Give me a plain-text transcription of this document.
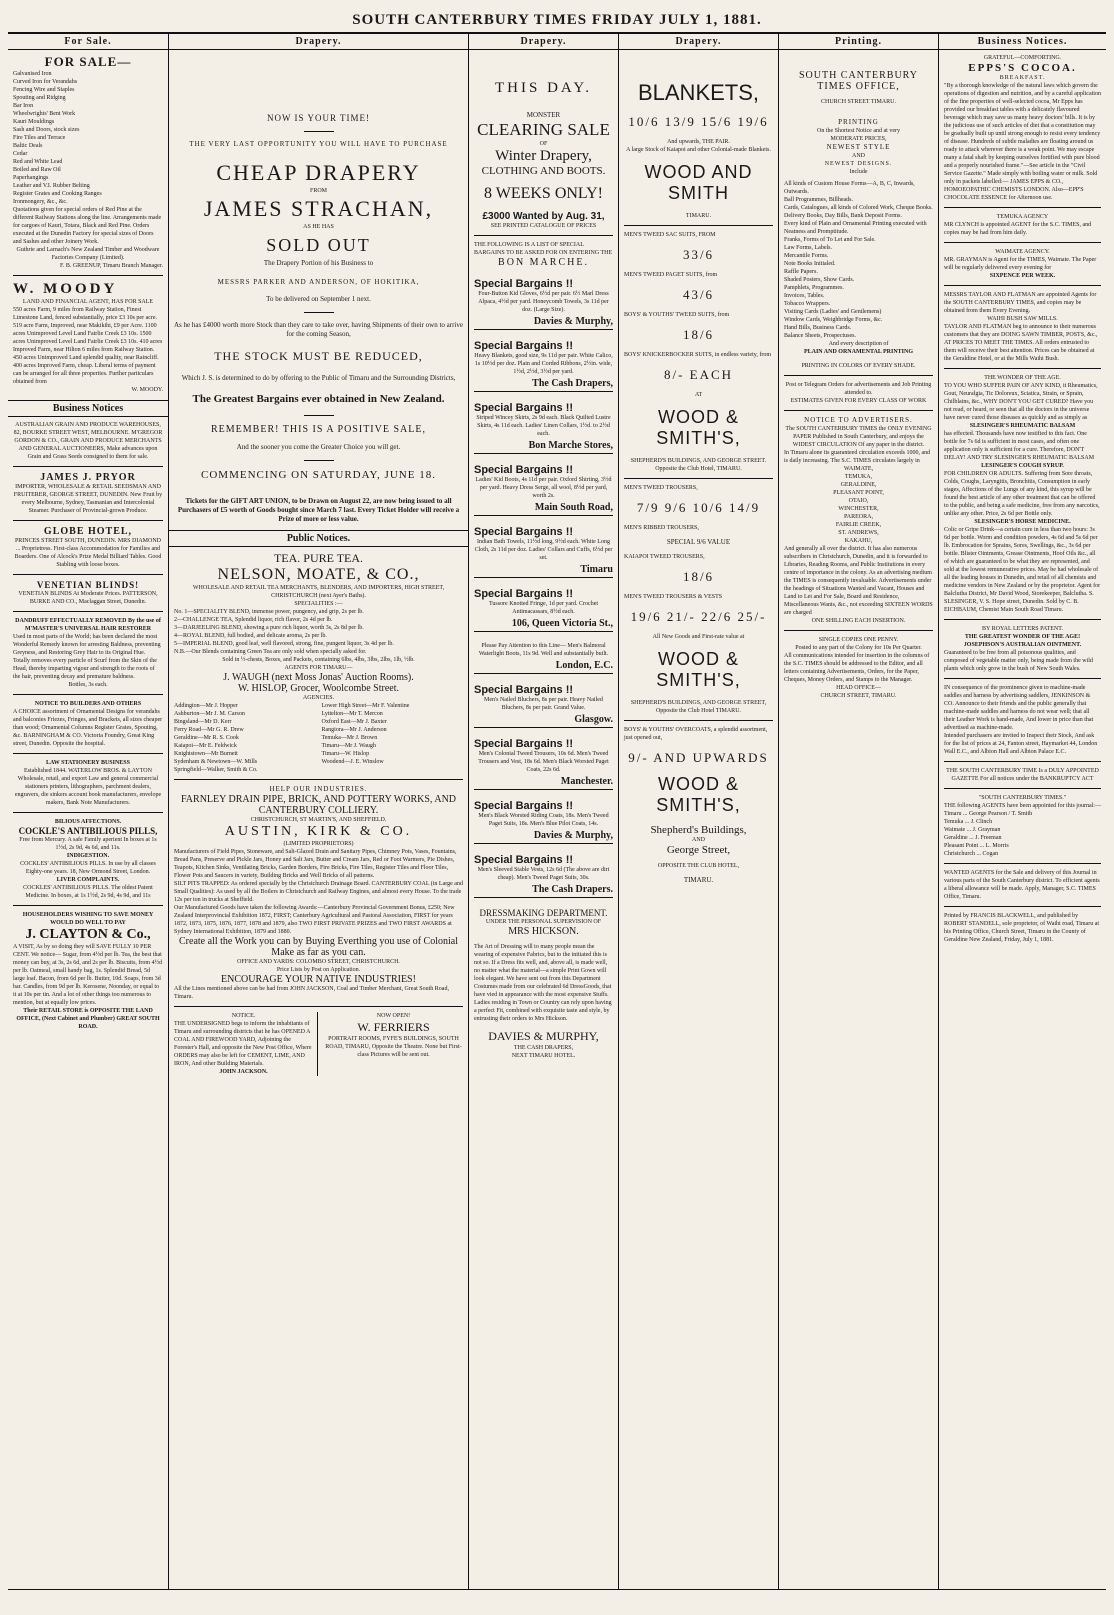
SOUTH CANTERBURY TIMES FRIDAY JULY 1, 1881.
For Sale.
FOR SALE—
Galvanised Iron
Curved Iron for Verandahs
Fencing Wire and Staples
Spouting and Ridging
Bar Iron
Wheelwrights' Bent Work
Kauri Mouldings
Sash and Doors, stock sizes
Fire Tiles and Terrace
Baltic Deals
Cedar
Red and White Lead
Boiled and Raw Oil
Paperhangings
Leather and V.I. Rubber Belting
Register Grates and Cooking Ranges
Ironmongery, &c., &c.
Quotations given for special orders of Red Pine at the different Railway Stations along the line. Arrangements made for cargoes of Kauri, Totara, Black and Red Pine. Orders executed at the Dunedin Factory for special sizes of Doors and Sashes and other Joinery Work.
Guthrie and Larnach's New Zealand Timber and Woodware Factories Company (Limited).
F. B. GREENUP, Timaru Branch Manager.
W. MOODY
LAND AND FINANCIAL AGENT, HAS FOR SALE
550 acres Farm, 9 miles from Railway Station, Finest Limestone Land, fenced substantially, price £3 10s per acre. 519 acre Farm, Improved, near Makikihi, £9 per Acre. 1100 acres Unimproved Level Land Fairlie Creek £3 10s. 1500 acres Unimproved Level Land Fairlie Creek £3 10s. 410 acres Improved Farm, near Hilton 6 miles from Railway Station. 450 acres Unimproved Land splendid quality, near Raincliff. 400 acres Improved Farm, cheap. Liberal terms of payment can be arranged for all three properties. Further particulars obtained from
W. MOODY.
Business Notices
AUSTRALIAN GRAIN AND PRODUCE WAREHOUSES, 82, BOURKE STREET WEST, MELBOURNE. M'GREGOR GORDON & CO., GRAIN AND PRODUCE MERCHANTS AND GENERAL AUCTIONEERS, Make advances upon Grain and Grass Seeds consigned to them for sale.
JAMES J. PRYOR
IMPORTER, WHOLESALE & RETAIL SEEDSMAN AND FRUITERER, GEORGE STREET, DUNEDIN. New Fruit by every Melbourne, Sydney, Tasmanian and Intercolonial Steamer. Purchaser of Provincial-grown Produce.
GLOBE HOTEL,
PRINCES STREET SOUTH, DUNEDIN. MRS DIAMOND ... Proprietress. First-class Accommodation for Families and Boarders. One of Alcock's Prize Medal Billiard Tables. Good Stabling with loose boxes.
VENETIAN BLINDS!
VENETIAN BLINDS At Moderate Prices. PATTERSON, BURKE AND CO., Maclaggan Street, Dunedin.
DANDRUFF EFFECTUALLY REMOVED By the use of M'MASTER'S UNIVERSAL HAIR RESTORER
Used in most parts of the World; has been declared the most Wonderful Remedy known for arresting Baldness, preventing Greyness, and Restoring Grey Hair to its Original Hue. Totally removes every particle of Scurf from the Skin of the Head, thereby imparting vigour and strength to the roots of the hair, preventing decay and premature baldness.
Bottles, 3s each.
NOTICE TO BUILDERS AND OTHERS
A CHOICE assortment of Ornamental Designs for verandahs and balconies Friezes, Fringes, and Brackets, all sizes cheaper than wood; Ornamental Columns Register Grates, Spouting, &c. BARNINGHAM & CO. Victoria Foundry, Great King street, Dunedin. Opposite the hospital.
LAW STATIONERY BUSINESS
Established 1844. WATERLOW BROS. & LAYTON Wholesale, retail, and export Law and general commercial stationers printers, lithographers, parchment dealers, engravers, die sinkers account book manufacturers, envelope makers, Bank Note Manufacturers.
BILIOUS AFFECTIONS.
COCKLE'S ANTIBILIOUS PILLS,
Free from Mercury. A safe Family aperient In boxes at 1s 1½d, 2s 9d, 4s 6d, and 11s.
INDIGESTION.
COCKLES' ANTIBILIOUS PILLS. In use by all classes Eighty-one years. 18, New Ormond Street, London.
LIVER COMPLAINTS.
COCKLES' ANTIBILIOUS PILLS. The oldest Patent Medicine. In boxes, at 1s 1½d, 2s 9d, 4s 9d, and 11s
HOUSEHOLDERS WISHING TO SAVE MONEY WOULD DO WELL TO PAY
J. CLAYTON & Co.,
A VISIT, As by so doing they will SAVE FULLY 10 PER CENT. We notice— Sugar, from 4½d per lb. Tea, the best that money can buy, at 3s, 2s 6d, and 2s per lb. Biscuits, from 4½d per lb. Oatmeal, small handy bag, 1s. Splendid Bread, 5d large loaf. Bacon, from 6d per lb. Butter, 10d. Soaps, from 3d bar. Candles, from 9d per lb. Kerosene, Noonday, or equal to it at 10s per tin. And a lot of other things too numerous to mention, but at equally low prices.
Their RETAIL STORE is OPPOSITE THE LAND OFFICE, (Next Cabinet and Plumber) GREAT SOUTH ROAD.
Drapery.
NOW IS YOUR TIME!
THE VERY LAST OPPORTUNITY YOU WILL HAVE TO PURCHASE
CHEAP DRAPERY
FROM
JAMES STRACHAN,
AS HE HAS
SOLD OUT
The Drapery Portion of his Business to
MESSRS PARKER AND ANDERSON, OF HOKITIKA,
To be delivered on September 1 next.
As he has £4000 worth more Stock than they care to take over, having Shipments of their own to arrive for the coming Season,
THE STOCK MUST BE REDUCED,
Which J. S. is determined to do by offering to the Public of Timaru and the Surrounding Districts,
The Greatest Bargains ever obtained in New Zealand.
REMEMBER! THIS IS A POSITIVE SALE,
And the sooner you come the Greater Choice you will get.
COMMENCING ON SATURDAY, JUNE 18.
Tickets for the GIFT ART UNION, to be Drawn on August 22, are now being issued to all Purchasers of £5 worth of Goods bought since March 7 last. Every Ticket Holder will receive a Prize of more or less value.
Public Notices.
TEA. PURE TEA.
NELSON, MOATE, & CO.,
WHOLESALE AND RETAIL TEA MERCHANTS, BLENDERS, AND IMPORTERS, HIGH STREET, CHRISTCHURCH (next Ayer's Baths).
SPECIALITIES :—
No. 1—SPECIALITY BLEND, immense power, pungency, and grip, 2s per lb.
2—CHALLENGE TEA, Splendid liquor, rich flavor, 2s 4d per lb.
3—DARJEELING BLEND, showing a pure rich liquor, worth 3s, 2s 8d per lb.
4—ROYAL BLEND, full bodied, and delicate aroma, 2s per lb.
5—IMPERIAL BLEND, good leaf, well flavored, strong, fine, pungent liquor, 3s 4d per lb.
N.B.—Our Blends containing Green Tea are only sold when specially asked for.
Sold in ½-chests, Boxes, and Packets, containing 6lbs, 4lbs, 3lbs, 2lbs, 1lb, ½lb.
AGENTS FOR TIMARU—
J. WAUGH (next Moss Jonas' Auction Rooms).
W. HISLOP, Grocer, Woolcombe Street.
AGENCIES.
Addington—Mr J. Hopper	Lower High Street—Mr F. Valentine
Ashburton—Mr J. M. Carson	Lyttelton—Mr T. Mercon
Bingsland—Mr D. Kerr	Oxford East—Mr J. Baxter
Ferry Road—Mr G. R. Drew	Rangiora—Mr J. Anderson
Geraldine—Mr R. S. Cook	Temuka—Mr J. Brown
Kaiapoi—Mr E. Feldwick	Timaru—Mr J. Waugh
Knightstown—Mr Burnett	Timaru—W. Hislop
Sydenham & Newtown—W. Mills	Woodend—J. E. Winslow
Springfield—Walker, Smith & Co.
HELP OUR INDUSTRIES.
FARNLEY DRAIN PIPE, BRICK, AND POTTERY WORKS, AND CANTERBURY COLLIERY.
CHRISTCHURCH, ST MARTIN'S, AND SHEFFIELD.
AUSTIN, KIRK & CO.
(LIMITED PROPRIETORS)
Manufacturers of Field Pipes, Stoneware, and Salt-Glazed Drain and Sanitary Pipes, Chimney Pots, Vases, Fountains, Bread Pans, Preserve and Pickle Jars, Honey and Salt Jars, Butter and Cream Jars, Red or Foot Warmers, Pie Dishes, Teapots, Kitchen Sinks, Ventilating Bricks, Garden Borders, Fire Bricks, Fire Tiles, Register Tiles and Floor Tiles, Flower Pots and Saucers in variety, Building Bricks and Well Bricks of all patterns.
SILT PITS TRAPPED: As ordered specially by the Christchurch Drainage Board. CANTERBURY COAL (in Large and Small Qualities): As used by all the Boilers in Christchurch and Railway Engines, and almost every House. To the trade 12s per ton in trucks at Sheffield.
Our Manufactured Goods have taken the following Awards:—Canterbury Provincial Government Bonus, £250; New Zealand Interprovincial Exhibition 1872, FIRST; Canterbury Agricultural and Pastoral Association, FIRST for years 1872, 1873, 1875, 1876, 1877, 1878 and 1879, also TWO FIRST PRIVATE PRIZES and TWO FIRST AWARDS at Sydney International Exhibition, 1879 and 1880.
Create all the Work you can by Buying Everthing you use of Colonial Make as far as you can.
OFFICE AND YARDS: COLOMBO STREET, CHRISTCHURCH.
Price Lists by Post on Application.
ENCOURAGE YOUR NATIVE INDUSTRIES!
All the Lines mentioned above can be had from JOHN JACKSON, Coal and Timber Merchant, Great South Road, Timaru.
NOTICE.
THE UNDERSIGNED begs to inform the inhabitants of Timaru and surrounding districts that he has OPENED A COAL AND FIREWOOD YARD, Adjoining the Forester's Hall, and opposite the New Post Office, Where ORDERS may also be left for CEMENT, LIME, AND IRON, And other Building Materials.
JOHN JACKSON.
NOW OPEN!
W. FERRIERS
PORTRAIT ROOMS, FYFE'S BUILDINGS, SOUTH ROAD, TIMARU, Opposite the Theatre. None but First-class Pictures will be sent out.
Drapery.
THIS DAY.
MONSTER
CLEARING SALE
OF
Winter Drapery,
CLOTHING AND BOOTS.
8 WEEKS ONLY!
£3000 Wanted by Aug. 31,
SEE PRINTED CATALOGUE OF PRICES
THE FOLLOWING IS A LIST OF SPECIAL BARGAINS TO BE ASKED FOR ON ENTERING THE
BON MARCHE.
Special Bargains !!
Four-Button Kid Gloves, 6½d per pair. 6½ Marl Dress Alpaca, 4½d per yard. Honeycomb Towels, 3s 11d per doz. (Large Size).
Davies & Murphy,
Special Bargains !!
Heavy Blankets, good size, 9s 11d per pair. White Calico, 1s 10½d per doz. Plain and Corded Ribbons, 2½in. wide, 1½d, 2½d, 3½d per yard.
The Cash Drapers,
Special Bargains !!
Striped Wincey Skirts, 2s 9d each. Black Quilted Lustre Skirts, 4s 11d each. Ladies' Linen Collars, 1½d. to 2½d each.
Bon Marche Stores,
Special Bargains !!
Ladies' Kid Boots, 4s 11d per pair. Oxford Shirting, 3½d per yard. Heavy Dress Serge, all wool, 8½d per yard, worth 2s.
Main South Road,
Special Bargains !!
Indian Bath Towels, 11½d long, 9½d each. White Long Cloth, 2s 11d per doz. Ladies' Collars and Cuffs, 6½d per set.
Timaru
Special Bargains !!
Tussore Knotted Fringe, 1d per yard. Crochet Antimacassars, 8½d each.
106, Queen Victoria St.,
Please Pay Attention to this Line— Men's Balmoral Waterlight Boots, 11s 9d. Well and substantially built.
London, E.C.
Special Bargains !!
Men's Nailed Bluchers, 8s per pair. Heavy Nailed Bluchers, 8s per pair. Grand Value.
Glasgow.
Special Bargains !!
Men's Colonial Tweed Trousers, 10s 6d. Men's Tweed Trousers and Vest, 18s 6d. Men's Black Worsted Paget Coats, 22s 6d.
Manchester.
Special Bargains !!
Men's Black Worsted Riding Coats, 18s. Men's Tweed Paget Suits, 18s. Men's Blue Pilot Coats, 14s.
Davies & Murphy,
Special Bargains !!
Men's Sleeved Stable Vests, 12s 6d (The above are dirt cheap). Men's Tweed Paget Suits, 30s.
The Cash Drapers.
DRESSMAKING DEPARTMENT.
UNDER THE PERSONAL SUPERVISION OF
MRS HICKSON.
The Art of Dressing will to many people mean the wearing of expensive Fabrics, but to the initiated this is not so. If a Dress fits well, and, above all, is made well, no matter what the material—a simple Print Gown will look elegant. We have sent out from this Department Costumes made from our celebrated 6d DressGoods, that have vied in appearance with the most expensive Stuffs. Ladies residing in Town or Country can rely upon having a perfect Fit, combined with exquisite taste and style, by entrusting their orders to Mrs Hickson.
DAVIES & MURPHY,
THE CASH DRAPERS,
NEXT TIMARU HOTEL.
Drapery.
BLANKETS,
10/6 13/9 15/6 19/6
And upwards, THE PAIR.
A large Stock of Kaiapoi and other Colonial-made Blankets.
WOOD AND SMITH
TIMARU.
MEN'S TWEED SAC SUITS, FROM
33/6
MEN'S TWEED PAGET SUITS, from
43/6
BOYS' & YOUTHS' TWEED SUITS, from
18/6
BOYS' KNICKERBOCKER SUITS, in endless variety, from
8/- EACH
AT
WOOD & SMITH'S,
SHEPHERD'S BUILDINGS, AND GEORGE STREET.
Opposite the Club Hotel, TIMARU.
MEN'S TWEED TROUSERS,
7/9 9/6 10/6 14/9
MEN'S RIBBED TROUSERS,
SPECIAL 9/6 VALUE
KAIAPOI TWEED TROUSERS,
18/6
MEN'S TWEED TROUSERS & VESTS
19/6 21/- 22/6 25/-
All New Goods and First-rate value at
WOOD & SMITH'S,
SHEPHERD'S BUILDINGS, AND GEORGE STREET, Opposite the Club Hotel TIMARU.
BOYS' & YOUTHS' OVERCOATS, a splendid assortment, just opened out,
9/- AND UPWARDS
WOOD & SMITH'S,
Shepherd's Buildings,
AND
George Street,
OPPOSITE THE CLUB HOTEL,
TIMARU.
Printing.
SOUTH CANTERBURY TIMES OFFICE,
CHURCH STREET TIMARU.
PRINTING
On the Shortest Notice and at very
MODERATE PRICES,
NEWEST STYLE
AND
NEWEST DESIGNS.
Include
All kinds of Custom House Forms—A, B, C, Inwards, Outwards.
Ball Programmes, Billheads.
Cards, Catalogues, all kinds of Colored Work, Cheque Books.
Delivery Books, Day Bills, Bank Deposit Forms.
Every kind of Plain and Ornamental Printing executed with Neatness and Promptitude.
Franks, Forms of To Let and For Sale.
Law Forms, Labels.
Mercantile Forms.
Note Books Initialed.
Raffle Papers.
Shaded Posters, Show Cards.
Pamphlets, Programmes.
Invoices, Tables.
Tobacco Wrappers.
Visiting Cards (Ladies' and Gentlemens)
Window Cards, Weighbridge Forms, &c.
Hand Bills, Business Cards.
Balance Sheets, Prospectuses.
And every description of
PLAIN AND ORNAMENTAL PRINTING
PRINTING IN COLORS OF EVERY SHADE.
Post or Telegram Orders for advertisements and Job Printing attended to.
ESTIMATES GIVEN FOR EVERY CLASS OF WORK
NOTICE TO ADVERTISERS.
The SOUTH CANTERBURY TIMES the ONLY EVENING PAPER Published in South Canterbury, and enjoys the WIDEST CIRCULATION Of any paper in the district.
In Timaru alone its guaranteed circulation exceeds 1000, and is daily increasing. The S.C. TIMES circulates largely in
WAIMATE,
TEMUKA,
GERALDINE,
PLEASANT POINT,
OTAIO,
WINCHESTER,
PAREORA,
FAIRLIE CREEK,
ST. ANDREWS,
KAKAHU,
And generally all over the district. It has also numerous subscribers in Christchurch, Dunedin, and it is forwarded to Libraries, Reading Rooms, and Public Institutions in every centre of importance in the colony. As an advertising medium the TIMES is consequently invaluable. Advertisements under the headings of Situations Wanted and Vacant, Houses and Land to Let and For Sale, Board and Residence, Miscellaneous Wants, &c., not exceeding SIXTEEN WORDS are charged
ONE SHILLING EACH INSERTION.
SINGLE COPIES ONE PENNY.
Posted to any part of the Colony for 10s Per Quarter.
All communications intended for insertion in the columns of the S.C. TIMES should be addressed to the Editor, and all letters containing Advertisements, Orders, for the Paper, Cheques, Money Orders, and Stamps to the Manager.
HEAD OFFICE—
CHURCH STREET, TIMARU.
Business Notices.
GRATEFUL—COMFORTING.
EPPS'S COCOA.
BREAKFAST.
"By a thorough knowledge of the natural laws which govern the operations of digestion and nutrition, and by a careful application of the fine properties of well-selected cocoa, Mr Epps has provided our breakfast tables with a delicately flavoured beverage which may save us many heavy doctors' bills. It is by the judicious use of such articles of diet that a constitution may be gradually built up until strong enough to resist every tendency of disease. Hundreds of subtle maladies are floating around us ready to attack wherever there is a weak point. We may escape many a fatal shaft by keeping ourselves fortified with pure blood and a properly nourished frame."—See article in the "Civil Service Gazette." Made simply with boiling water or milk. Sold only in packets labelled:— JAMES EPPS & CO., HOMOEOPATHIC CHEMISTS LONDON. Also—EPP'S CHOCOLATE ESSENCE for Afternoon use.
TEMUKA AGENCY
MR CLYNCH is appointed AGENT for the S.C. TIMES, and copies may be had from him daily.
WAIMATE AGENCY.
MR. GRAYMAN is Agent for the TIMES, Waimate. The Paper will be regularly delivered every evening for
SIXPENCE PER WEEK.
MESSRS TAYLOR AND FLATMAN are appointed Agents for the SOUTH CANTERBURY TIMES, and copies may be obtained from them Every Evening.
WAIHI BUSH SAW MILLS.
TAYLOR AND FLATMAN beg to announce to their numerous customers that they are DOING SAWN TIMBER, POSTS, &c., AT PRICES TO MEET THE TIMES. All orders entrusted to them will receive their best attention. Prices can be obtained at the Geraldine Hotel, or at the Mills Waihi Bush.
THE WONDER OF THE AGE.
TO YOU WHO SUFFER PAIN OF ANY KIND, it Rheumatics, Gout, Neuralgia, Tic Doloreux, Sciatica, Strain, or Sprain, Chilblains, &c., WHY DON'T YOU GET CURED? Have you not read, or heard, or seen that all the doctors in the universe have never cured those diseases as quickly and as simply as
SLESINGER'S RHEUMATIC BALSAM
has effected. Thousands have now testified to this fact. One bottle for 7s 6d is sufficient in most cases, and often one application only is sufficient for a cure. Therefore, DON'T DELAY! AND TRY SLESINGER'S RHEUMATIC BALSAM
LESINGER'S COUGH SYRUP.
FOR CHILDREN OR ADULTS. Suffering from Sore throats, Colds, Coughs, Laryngitis, Bronchitis, Consumption in early stages, Affections of the Lungs of any kind, this syrup will be found the best article of any other treatment that can be offered to the public, and being a safe medicine, free from any narcotics, unlike any other. Price, 2s 6d per Bottle only.
SLESINGER'S HORSE MEDICINE.
Colic or Gripe Drink—a certain cure in less than two hours: 3s 6d per bottle. Worm and condition powders, 4s 6d and 5s 6d per lb. Embrocation for Sprains, Sores, Swellings, &c., 3s 6d per bottle. Blister Ointments, Grease Ointments, Hoof Oils &c., all of which are guaranteed to be what they are represented, and sold at the lowest remunerative prices. May be had wholesale of all the leading houses in Dunedin, and retail of all chemists and medicine vendors in New Zealand or by the proprietor. Agent for Balclutha District, Mr David Wood, Storekeeper, Balclutha. S. SLESINGER, V. S. Hope street, Dunedin. Sold by C. B. EICHBAUM, Chemist Main South Road Timaru.
BY ROYAL LETTERS PATENT.
THE GREATEST WONDER OF THE AGE!
JOSEPHSON'S AUSTRALIAN OINTMENT.
Guaranteed to be free from all poisonous qualities, and composed of vegetable matter only, being made from the wild plants which only grow in the bush of New South Wales.
IN consequence of the prominence given to machine-made saddles and harness by advertising saddlers, JENKINSON & CO. Announce to their friends and the public generally that machine-made saddles and harness do not wear well; that all their Leather Work is hand-made, And lower in price than that advertised as machine-made.
Intended purchasers are invited to Inspect their Stock, And ask for the list of prices at 24, Fanton street, Haymarket 44, London Wall E.C., and Albion Hall and Albion Palace E.C.
THE SOUTH CANTERBURY TIME Is a DULY APPOINTED GAZETTE For all notices under the BANKRUPTCY ACT
"SOUTH CANTERBURY TIMES."
THE following AGENTS have been appointed for this journal:—
Timaru ... George Pearson / T. Smith
Temuka ... J. Clinch
Waimate ... J. Grayman
Geraldine ... J. Freeman
Pleasant Point ... L. Morris
Christchurch ... Cogan
WANTED AGENTS for the Sale and delivery of this Journal in various parts of the South Canterbury district. To efficient agents a liberal allowance will be made. Apply, Manager, S.C. TIMES Office, Timaru.
Printed by FRANCIS BLACKWELL, and published by ROBERT STANDELL, sole proprietor, of Waihi road, Timaru at his Printing Office, Church Street, Timaru in the County of Geraldine New Zealand, Friday, July 1, 1881.
